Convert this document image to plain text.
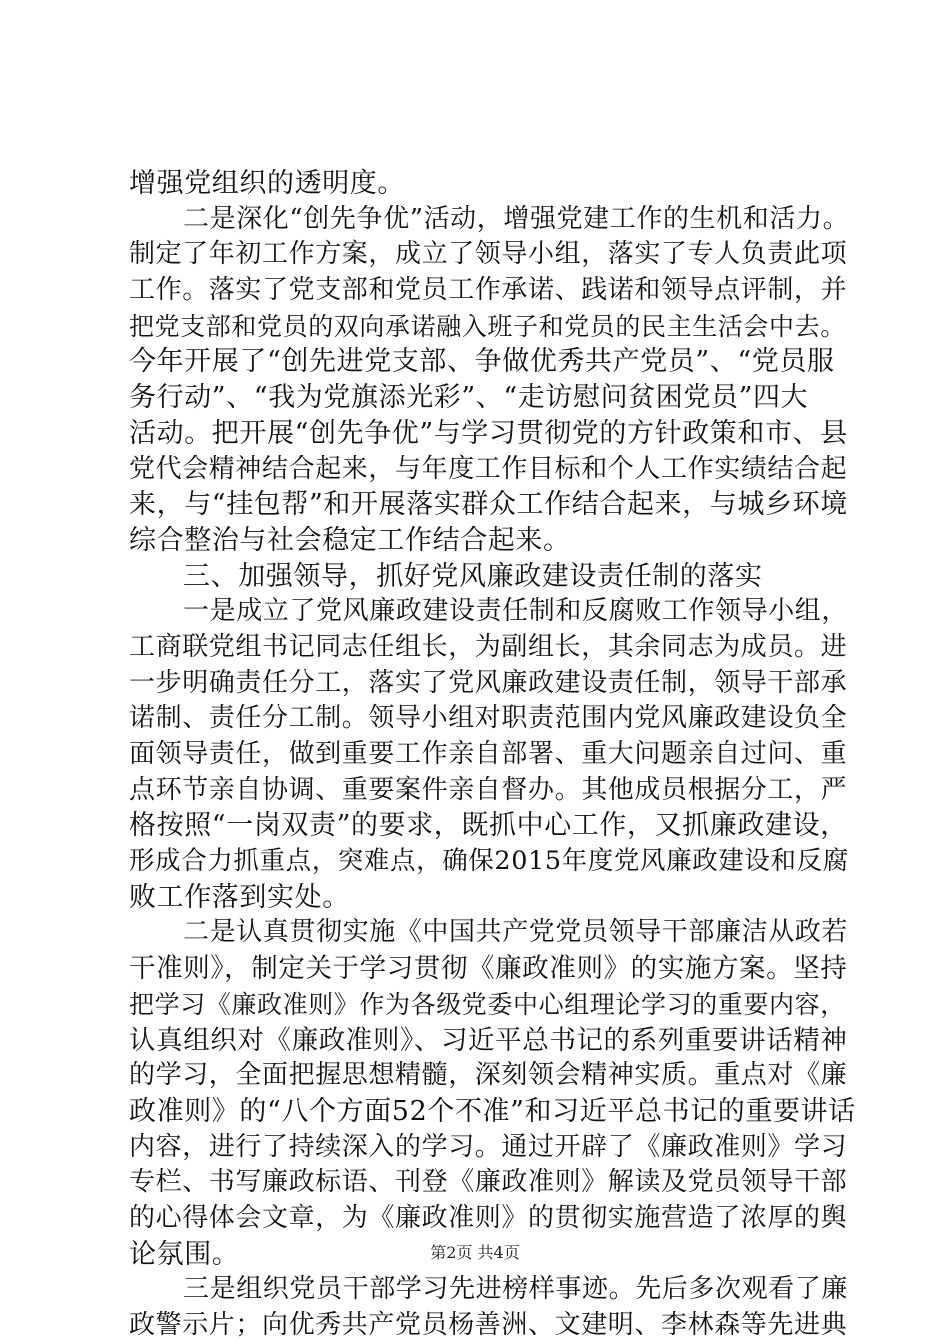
增强党组织的透明度。
二是深化“创先争优”活动，增强党建工作的生机和活力。
制定了年初工作方案，成立了领导小组，落实了专人负责此项
工作。落实了党支部和党员工作承诺、践诺和领导点评制，并
把党支部和党员的双向承诺融入班子和党员的民主生活会中去。
今年开展了“创先进党支部、争做优秀共产党员”、“党员服
务行动”、“我为党旗添光彩”、“走访慰问贫困党员”四大
活动。把开展“创先争优”与学习贯彻党的方针政策和市、县
党代会精神结合起来，与年度工作目标和个人工作实绩结合起
来，与“挂包帮”和开展落实群众工作结合起来，与城乡环境
综合整治与社会稳定工作结合起来。
三、加强领导，抓好党风廉政建设责任制的落实
一是成立了党风廉政建设责任制和反腐败工作领导小组，
工商联党组书记同志任组长，为副组长，其余同志为成员。进
一步明确责任分工，落实了党风廉政建设责任制，领导干部承
诺制、责任分工制。领导小组对职责范围内党风廉政建设负全
面领导责任，做到重要工作亲自部署、重大问题亲自过问、重
点环节亲自协调、重要案件亲自督办。其他成员根据分工，严
格按照“一岗双责”的要求，既抓中心工作，又抓廉政建设，
形成合力抓重点，突难点，确保2015年度党风廉政建设和反腐
败工作落到实处。
二是认真贯彻实施《中国共产党党员领导干部廉洁从政若
干准则》，制定关于学习贯彻《廉政准则》的实施方案。坚持
把学习《廉政准则》作为各级党委中心组理论学习的重要内容，
认真组织对《廉政准则》、习近平总书记的系列重要讲话精神
的学习，全面把握思想精髓，深刻领会精神实质。重点对《廉
政准则》的“八个方面52个不准”和习近平总书记的重要讲话
内容，进行了持续深入的学习。通过开辟了《廉政准则》学习
专栏、书写廉政标语、刊登《廉政准则》解读及党员领导干部
的心得体会文章，为《廉政准则》的贯彻实施营造了浓厚的舆
论氛围。
三是组织党员干部学习先进榜样事迹。先后多次观看了廉
政警示片；向优秀共产党员杨善洲、文建明、李林森等先进典
第2页 共4页
